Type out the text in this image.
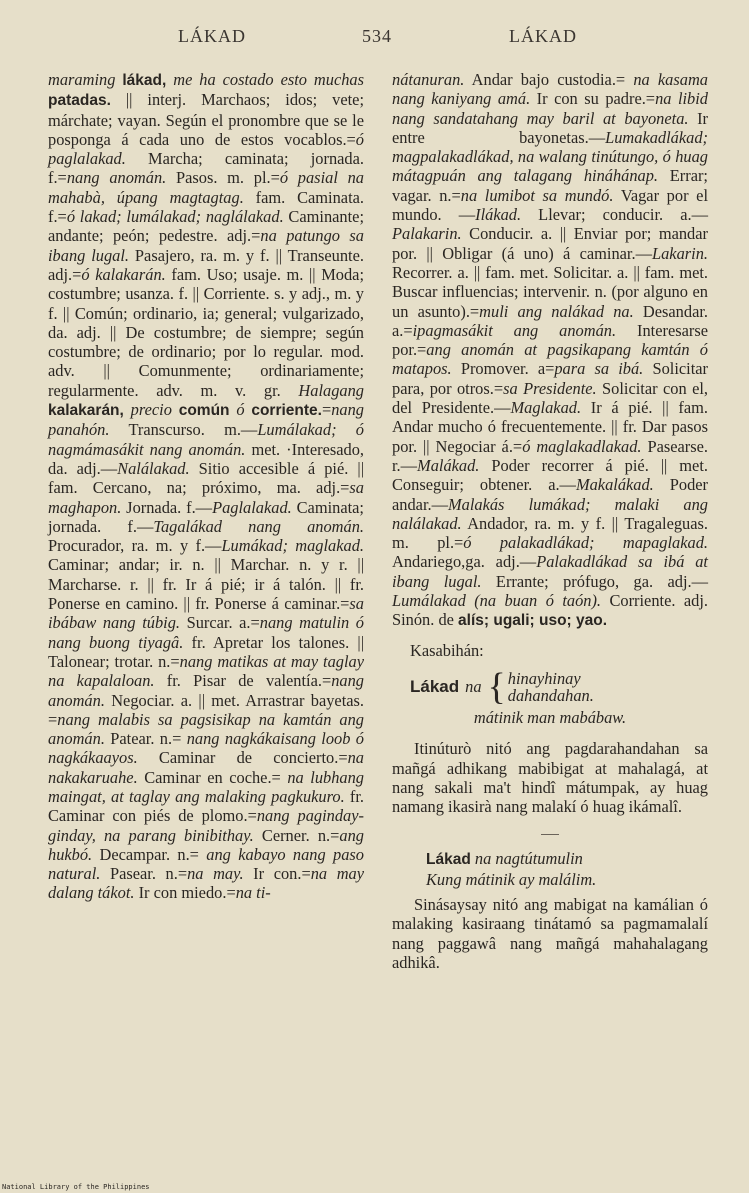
LÁKAD	534	LÁKAD

maraming lákad, me ha costado esto muchas patadas. || interj. Marchaos; idos; vete; márchate; vayan. Según el pronombre que se le posponga á cada uno de estos vocablos.=ó paglalakad. Marcha; caminata; jornada. f.=nang anomán. Pasos. m. pl.=ó pasial na mahabà, úpang magtagtag. fam. Caminata. f.=ó lakad; lumálakad; naglálakad. Caminante; andante; peón; pedestre. adj.=na patungo sa ibang lugal. Pasajero, ra. m. y f. || Transeunte. adj.=ó kalakarán. fam. Uso; usaje. m. || Moda; costumbre; usanza. f. || Corriente. s. y adj., m. y f. || Común; ordinario, ia; general; vulgarizado, da. adj. || De costumbre; de siempre; según costumbre; de ordinario; por lo regular. mod. adv. || Comunmente; ordinariamente; regularmente. adv. m. v. gr. Halagang kalakarán, precio común ó corriente.=nang panahón. Transcurso. m.—Lumálakad; ó nagmámasákit nang anomán. met. ·Interesado, da. adj.—Nalálakad. Sitio accesible á pié. || fam. Cercano, na; próximo, ma. adj.=sa maghapon. Jornada. f.—Paglalakad. Caminata; jornada. f.—Tagalákad nang anomán. Procurador, ra. m. y f.—Lumákad; maglakad. Caminar; andar; ir. n. || Marchar. n. y r. || Marcharse. r. || fr. Ir á pié; ir á talón. || fr. Ponerse en camino. || fr. Ponerse á caminar.=sa ibábaw nang túbig. Surcar. a.=nang matulin ó nang buong tiyagâ. fr. Apretar los talones. || Talonear; trotar. n.=nang matikas at may taglay na kapalaloan. fr. Pisar de valentía.=nang anomán. Negociar. a. || met. Arrastrar bayetas. =nang malabis sa pagsisikap na kamtán ang anomán. Patear. n.= nang nagkákaisang loob ó nagkákaayos. Caminar de concierto.=na nakakaruahe. Caminar en coche.= na lubhang maingat, at taglay ang malaking pagkukuro. fr. Caminar con piés de plomo.=nang paginday-ginday, na parang binibithay. Cerner. n.=ang hukbó. Decampar. n.= ang kabayo nang paso natural. Pasear. n.=na may. Ir con.=na may dalang tákot. Ir con miedo.=na ti-

nátanuran. Andar bajo custodia.= na kasama nang kaniyang amá. Ir con su padre.=na libid nang sandatahang may baril at bayoneta. Ir entre bayonetas.—Lumakadlákad; magpalakadlákad, na walang tinútungo, ó huag mátagpuán ang talagang hináhánap. Errar; vagar. n.=na lumibot sa mundó. Vagar por el mundo. —Ilákad. Llevar; conducir. a.—Palakarin. Conducir. a. || Enviar por; mandar por. || Obligar (á uno) á caminar.—Lakarin. Recorrer. a. || fam. met. Solicitar. a. || fam. met. Buscar influencias; intervenir. n. (por alguno en un asunto).=muli ang nalákad na. Desandar. a.=ipagmasákit ang anomán. Interesarse por.=ang anomán at pagsikapang kamtán ó matapos. Promover. a=para sa ibá. Solicitar para, por otros.=sa Presidente. Solicitar con el, del Presidente.—Maglakad. Ir á pié. || fam. Andar mucho ó frecuentemente. || fr. Dar pasos por. || Negociar á.=ó maglakadlakad. Pasearse. r.—Malákad. Poder recorrer á pié. || met. Conseguir; obtener. a.—Makalákad. Poder andar.—Malakás lumákad; malaki ang nalálakad. Andador, ra. m. y f. || Tragaleguas. m. pl.=ó palakadlákad; mapaglakad. Andariego,ga. adj.—Palakadlákad sa ibá at ibang lugal. Errante; prófugo, ga. adj.—Lumálakad (na buan ó taón). Corriente. adj. Sinón. de alís; ugali; uso; yao.

Kasabihán:
Lákad na { hinayhinay
dahandahan.

mátinik man mabábaw.

Itinúturò nitó ang pagdarahandahan sa mañgá adhikang mabibigat at mahalagá, at nang sakali ma't hindî mátumpak, ay huag namang ikasirà nang malakí ó huag ikámalî.

Lákad na nagtútumulin

Kung mátinik ay malálim.

Sinásaysay nitó ang mabigat na kamálian ó malaking kasiraang tinátamó sa pagmamalalí nang paggawâ nang mañgá mahahalagang adhikâ.

National Library of the Philippines
